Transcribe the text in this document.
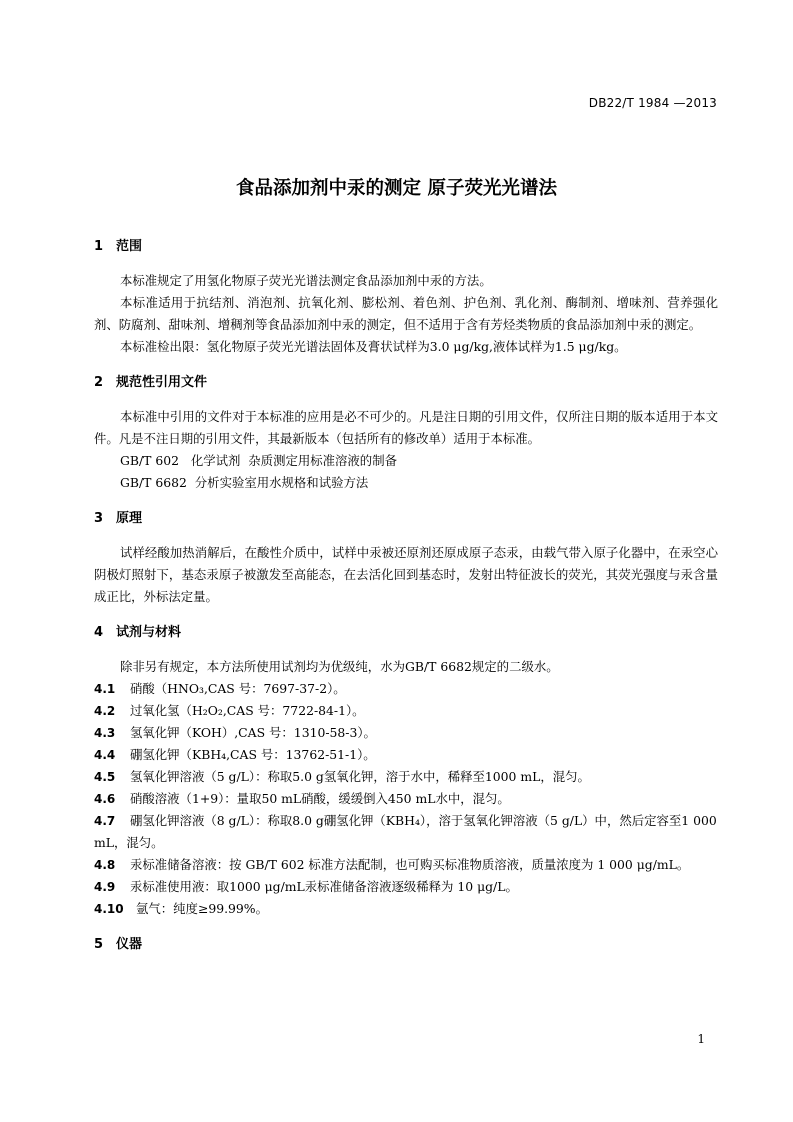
DB22/T 1984 —2013
食品添加剂中汞的测定 原子荧光光谱法
1 范围

本标准规定了用氢化物原子荧光光谱法测定食品添加剂中汞的方法。

本标准适用于抗结剂、消泡剂、抗氧化剂、膨松剂、着色剂、护色剂、乳化剂、酶制剂、增味剂、营养强化剂、防腐剂、甜味剂、增稠剂等食品添加剂中汞的测定，但不适用于含有芳烃类物质的食品添加剂中汞的测定。

本标准检出限：氢化物原子荧光光谱法固体及膏状试样为3.0 μg/kg,液体试样为1.5 μg/kg。

2 规范性引用文件

本标准中引用的文件对于本标准的应用是必不可少的。凡是注日期的引用文件，仅所注日期的版本适用于本文件。凡是不注日期的引用文件，其最新版本（包括所有的修改单）适用于本标准。

GB/T 602   化学试剂  杂质测定用标准溶液的制备

GB/T 6682  分析实验室用水规格和试验方法

3 原理

试样经酸加热消解后，在酸性介质中，试样中汞被还原剂还原成原子态汞，由载气带入原子化器中，在汞空心阴极灯照射下，基态汞原子被激发至高能态，在去活化回到基态时，发射出特征波长的荧光，其荧光强度与汞含量成正比，外标法定量。

4 试剂与材料

除非另有规定，本方法所使用试剂均为优级纯，水为GB/T 6682规定的二级水。

4.1	硝酸（HNO₃,CAS 号：7697-37-2）。
4.2	过氧化氢（H₂O₂,CAS 号：7722-84-1）。
4.3	氢氧化钾（KOH）,CAS 号：1310-58-3）。
4.4	硼氢化钾（KBH₄,CAS 号：13762-51-1）。
4.5	氢氧化钾溶液（5 g/L）：称取5.0 g氢氧化钾，溶于水中，稀释至1000 mL，混匀。
4.6	硝酸溶液（1+9）：量取50 mL硝酸，缓缓倒入450 mL水中，混匀。
4.7 硼氢化钾溶液（8 g/L）：称取8.0 g硼氢化钾（KBH₄），溶于氢氧化钾溶液（5 g/L）中，然后定容至1 000 mL，混匀。
4.8	汞标准储备溶液：按 GB/T 602 标准方法配制，也可购买标准物质溶液，质量浓度为 1 000 μg/mL。
4.9	汞标准使用液：取1000 μg/mL汞标准储备溶液逐级稀释为 10 μg/L。
4.10 氩气：纯度≥99.99%。
5 仪器
1
